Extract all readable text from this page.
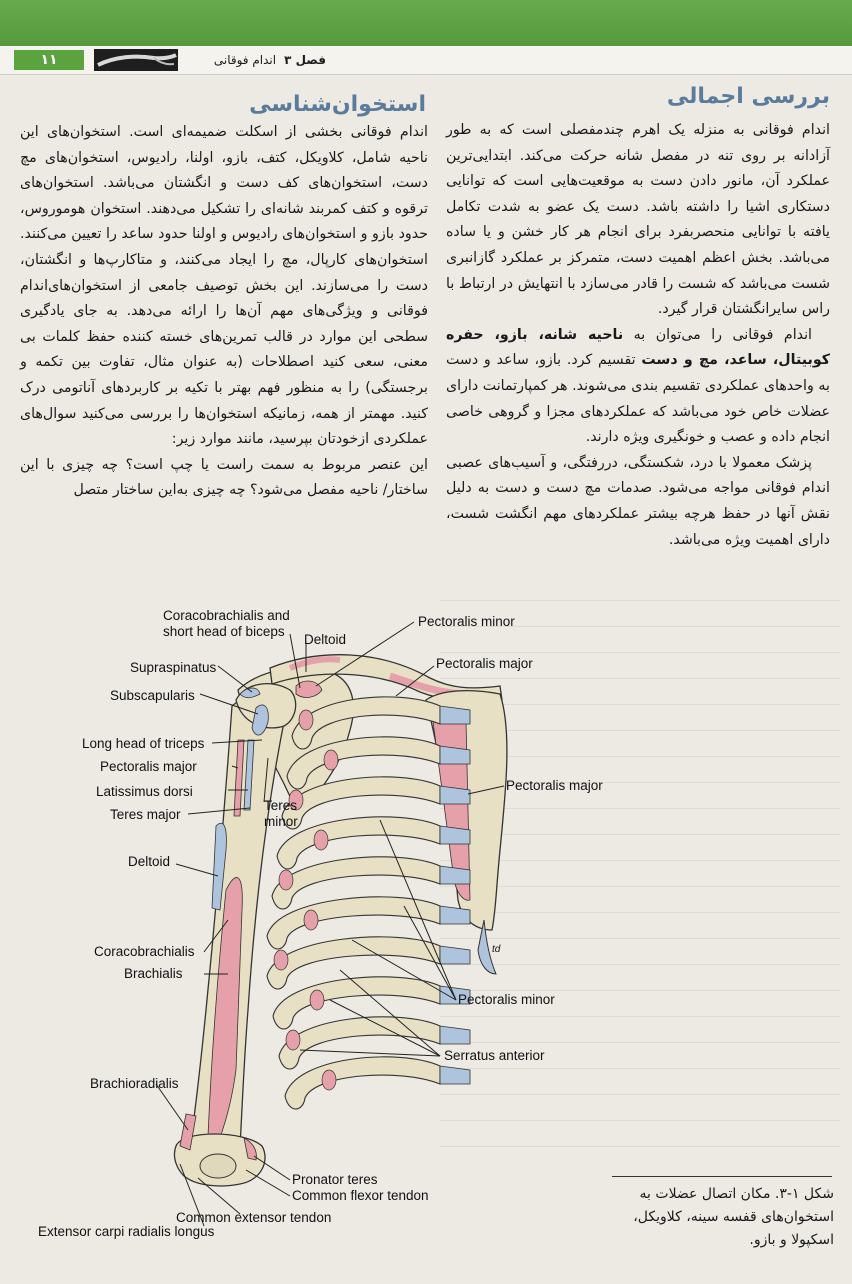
۱۱	فصل ۳اندام فوقانی
بررسی اجمالی

اندام فوقانی به منزله یک اهرم چندمفصلی است که به طور آزادانه بر روی تنه در مفصل شانه حرکت می‌کند. ابتدایی‌ترین عملکرد آن، مانور دادن دست به موقعیت‌هایی است که توانایی دستکاری اشیا را داشته باشد. دست یک عضو به شدت تکامل یافته با توانایی منحصربفرد برای انجام هر کار خشن و یا ساده می‌باشد. بخش اعظم اهمیت دست، متمرکز بر عملکرد گازانبری شست می‌باشد که شست را قادر می‌سازد با انتهایش در ارتباط با راس سایرانگشتان قرار گیرد.

اندام فوقانی را می‌توان به ناحیه شانه، بازو، حفره کوبیتال، ساعد، مچ و دست تقسیم کرد. بازو، ساعد و دست به واحدهای عملکردی تقسیم بندی می‌شوند. هر کمپارتمانت دارای عضلات خاص خود می‌باشد که عملکردهای مجزا و گروهی خاصی انجام داده و عصب و خونگیری ویژه دارند.

پزشک معمولا با درد، شکستگی، دررفتگی، و آسیب‌های عصبی اندام فوقانی مواجه می‌شود. صدمات مچ دست و دست به دلیل نقش آنها در حفظ هرچه بیشتر عملکردهای مهم انگشت شست، دارای اهمیت ویژه می‌باشد.

استخوان‌شناسی

اندام فوقانی بخشی از اسکلت ضمیمه‌ای است. استخوان‌های این ناحیه شامل، کلاویکل، کتف، بازو، اولنا، رادیوس، استخوان‌های مچ دست، استخوان‌های کف دست و انگشتان می‌باشد. استخوان‌های ترقوه و کتف کمربند شانه‌ای را تشکیل می‌دهند. استخوان هوموروس، حدود بازو و استخوان‌های رادیوس و اولنا حدود ساعد را تعیین می‌کنند. استخوان‌های کارپال، مچ را ایجاد می‌کنند، و متاکارپ‌ها و انگشتان، دست را می‌سازند. این بخش توصیف جامعی از استخوان‌های‌اندام فوقانی و ویژگی‌های مهم آن‌ها را ارائه می‌دهد. به جای یادگیری سطحی این موارد در قالب تمرین‌های خسته کننده حفظ کلمات بی معنی، سعی کنید اصطلاحات (به عنوان مثال، تفاوت بین تکمه و برجستگی) را به منظور فهم بهتر با تکیه بر کاربردهای آناتومی درک کنید. مهمتر از همه، زمانیکه استخوان‌ها را بررسی می‌کنید سوال‌های عملکردی ازخودتان بپرسید، مانند موارد زیر:

این عنصر مربوط به سمت راست یا چپ است؟ چه چیزی با این ساختار/ ناحیه مفصل می‌شود؟ چه چیزی به‌این ساختار متصل

Coracobrachialis and
short head of biceps
Deltoid
Pectoralis minor
Supraspinatus	Pectoralis major
Subscapularis
Long head of triceps
Pectoralis major
Pectoralis major
Latissimus dorsi
Teres
minor
Teres major
Deltoid
Coracobrachialis
Brachialis
Pectoralis minor
Serratus anterior
Brachioradialis
Pronator teres
Common flexor tendon
Common extensor tendon
Extensor carpi radialis longus
td
شکل ۱-۳. مکان اتصال عضلات به استخوان‌های قفسه سینه، کلاویکل، اسکپولا و بازو.
